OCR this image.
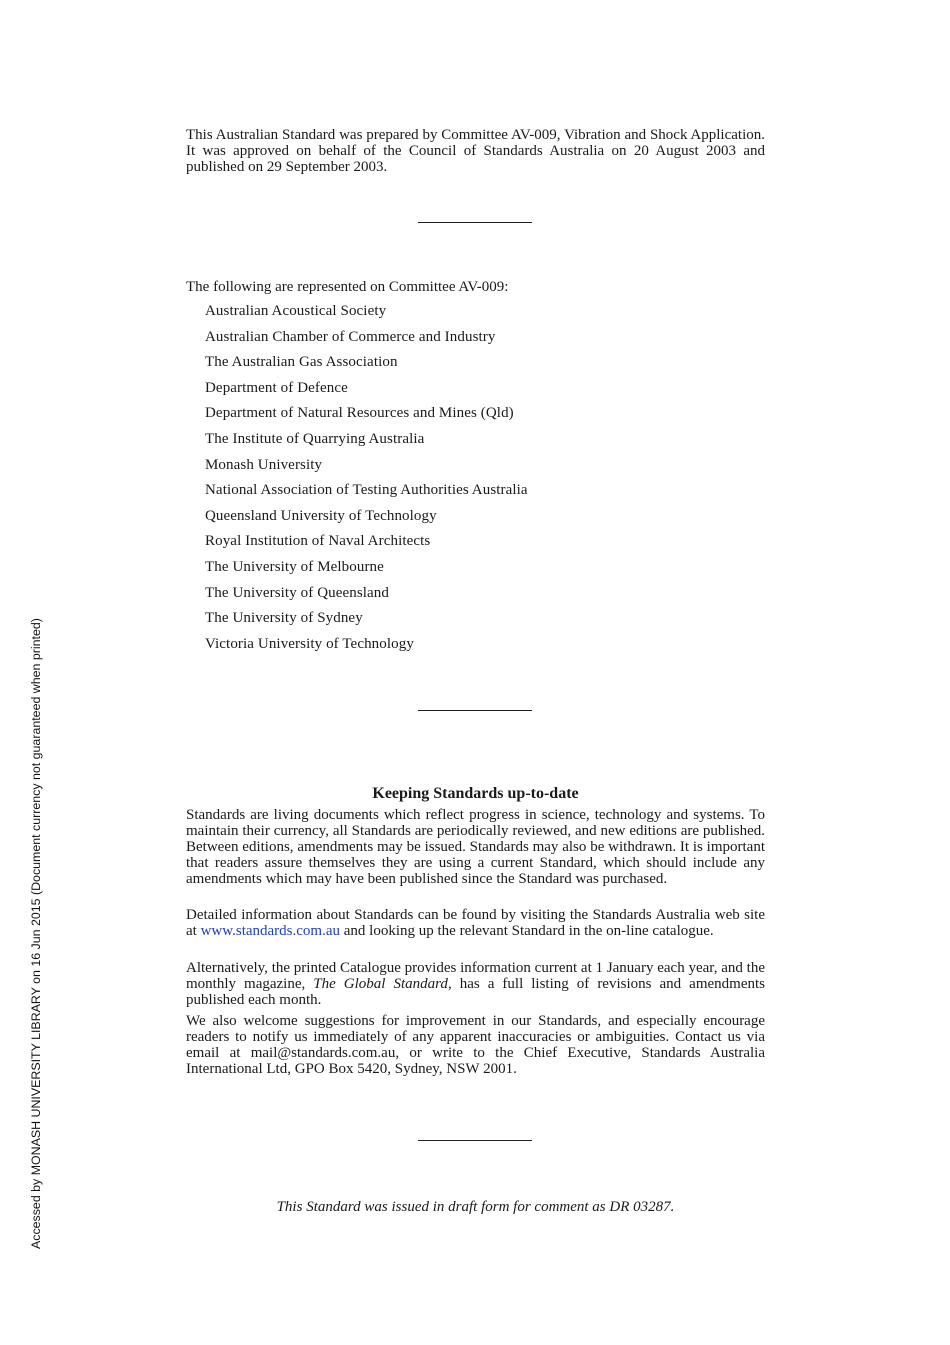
This Australian Standard was prepared by Committee AV-009, Vibration and Shock Application. It was approved on behalf of the Council of Standards Australia on 20 August 2003 and published on 29 September 2003.

The following are represented on Committee AV-009:

Australian Acoustical Society
Australian Chamber of Commerce and Industry
The Australian Gas Association
Department of Defence
Department of Natural Resources and Mines (Qld)
The Institute of Quarrying Australia
Monash University
National Association of Testing Authorities Australia
Queensland University of Technology
Royal Institution of Naval Architects
The University of Melbourne
The University of Queensland
The University of Sydney
Victoria University of Technology
Keeping Standards up-to-date

Standards are living documents which reflect progress in science, technology and systems. To maintain their currency, all Standards are periodically reviewed, and new editions are published. Between editions, amendments may be issued. Standards may also be withdrawn. It is important that readers assure themselves they are using a current Standard, which should include any amendments which may have been published since the Standard was purchased.

Detailed information about Standards can be found by visiting the Standards Australia web site at www.standards.com.au and looking up the relevant Standard in the on-line catalogue.

Alternatively, the printed Catalogue provides information current at 1 January each year, and the monthly magazine, The Global Standard, has a full listing of revisions and amendments published each month.

We also welcome suggestions for improvement in our Standards, and especially encourage readers to notify us immediately of any apparent inaccuracies or ambiguities. Contact us via email at mail@standards.com.au, or write to the Chief Executive, Standards Australia International Ltd, GPO Box 5420, Sydney, NSW 2001.

This Standard was issued in draft form for comment as DR 03287.

Accessed by MONASH UNIVERSITY LIBRARY on 16 Jun 2015 (Document currency not guaranteed when printed)
